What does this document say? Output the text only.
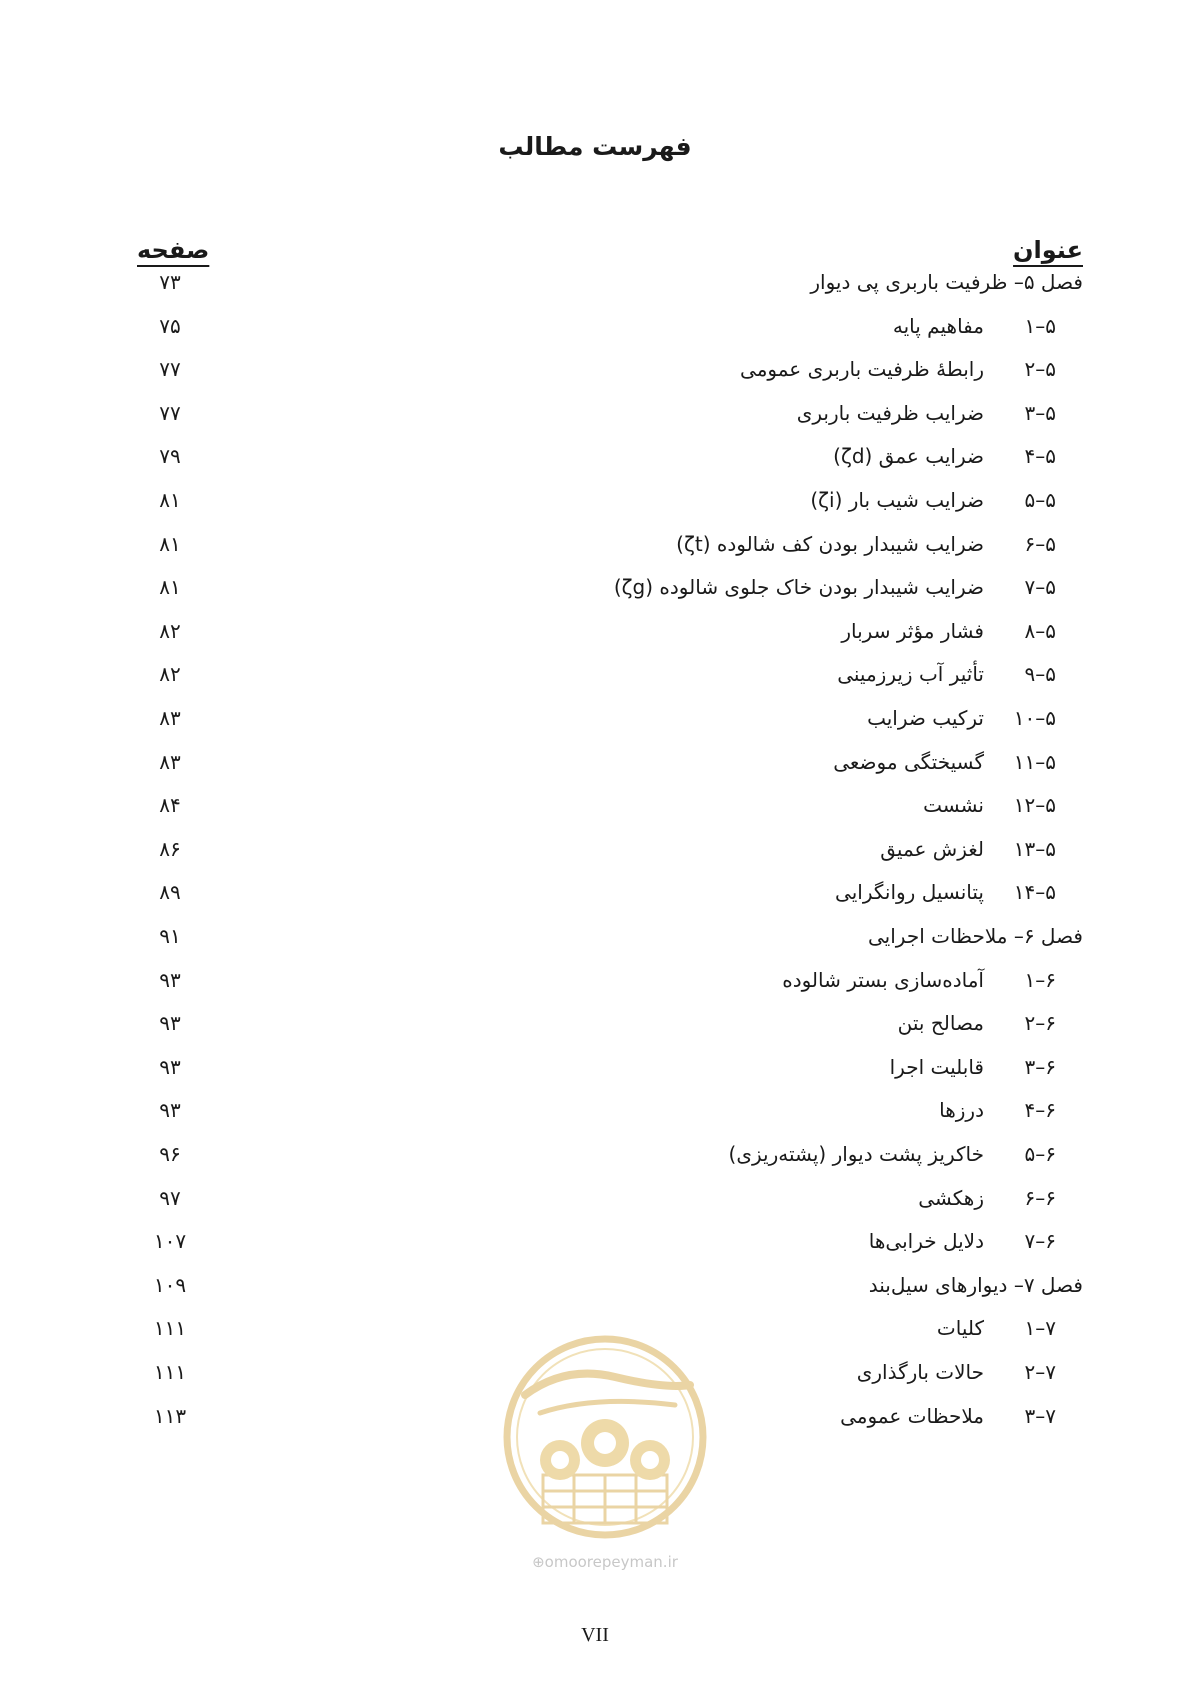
فهرست مطالب
عنوان
صفحه
فصل ۵– ظرفیت باربری پی دیوار
۷۳
۵–۱مفاهیم پایه
۷۵
۵–۲رابطهٔ ظرفیت باربری عمومی
۷۷
۵–۳ضرایب ظرفیت باربری
۷۷
۵–۴ضرایب عمق (ζd)
۷۹
۵–۵ضرایب شیب بار (ζi)
۸۱
۵–۶ضرایب شیبدار بودن کف شالوده (ζt)
۸۱
۵–۷ضرایب شیبدار بودن خاک جلوی شالوده (ζg)
۸۱
۵–۸فشار مؤثر سربار
۸۲
۵–۹تأثیر آب زیرزمینی
۸۲
۵–۱۰ترکیب ضرایب
۸۳
۵–۱۱گسیختگی موضعی
۸۳
۵–۱۲نشست
۸۴
۵–۱۳لغزش عمیق
۸۶
۵–۱۴پتانسیل روانگرایی
۸۹
فصل ۶– ملاحظات اجرایی
۹۱
۶–۱آماده‌سازی بستر شالوده
۹۳
۶–۲مصالح بتن
۹۳
۶–۳قابلیت اجرا
۹۳
۶–۴درزها
۹۳
۶–۵خاکریز پشت دیوار (پشته‌ریزی)
۹۶
۶–۶زهکشی
۹۷
۶–۷دلایل خرابی‌ها
۱۰۷
فصل ۷– دیوارهای سیل‌بند
۱۰۹
۷–۱کلیات
۱۱۱
۷–۲حالات بارگذاری
۱۱۱
۷–۳ملاحظات عمومی
۱۱۳
⊕omoorepeyman.ir
VII
